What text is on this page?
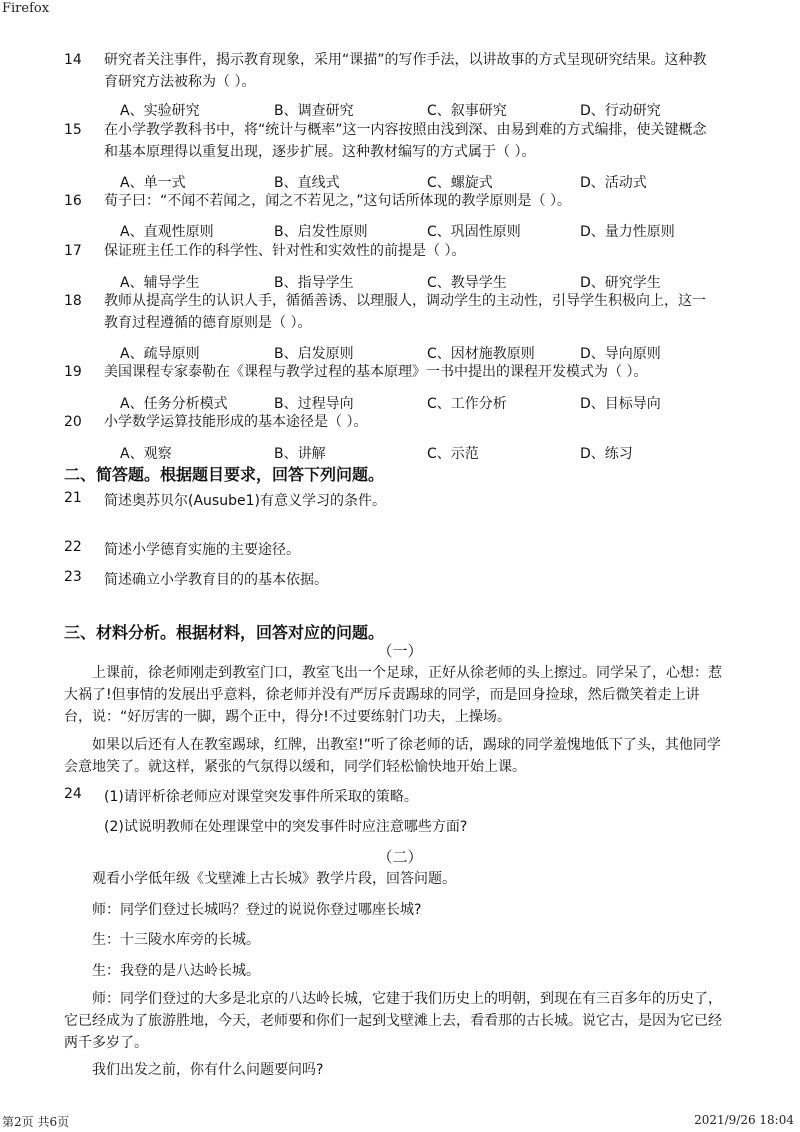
Firefox
14 研究者关注事件，揭示教育现象，采用“课描”的写作手法，以讲故事的方式呈现研究结果。这种教
育研究方法被称为（ ）。
A、实验研究	B、调查研究	C、叙事研究	D、行动研究
15 在小学教学教科书中，将“统计与概率”这一内容按照由浅到深、由易到难的方式编排，使关键概念
和基本原理得以重复出现，逐步扩展。这种教材编写的方式属于（ ）。
A、单一式	B、直线式	C、螺旋式	D、活动式
16 荀子曰：“不闻不若闻之，闻之不若见之，”这句话所体现的教学原则是（ ）。
A、直观性原则	B、启发性原则	C、巩固性原则	D、量力性原则
17 保证班主任工作的科学性、针对性和实效性的前提是（ ）。
A、辅导学生	B、指导学生	C、教导学生	D、研究学生
18 教师从提高学生的认识人手，循循善诱、以理服人，调动学生的主动性，引导学生积极向上，这一
教育过程遵循的德育原则是（ ）。
A、疏导原则	B、启发原则	C、因材施教原则	D、导向原则
19 美国课程专家泰勒在《课程与教学过程的基本原理》一书中提出的课程开发模式为（ ）。
A、任务分析模式	B、过程导向	C、工作分析	D、目标导向
20 小学数学运算技能形成的基本途径是（ ）。
A、观察	B、讲解	C、示范	D、练习
二、简答题。根据题目要求，回答下列问题。
21 简述奥苏贝尔(Ausube1)有意义学习的条件。
22 简述小学德育实施的主要途径。
23 简述确立小学教育目的的基本依据。
三、材料分析。根据材料，回答对应的问题。
（一）
上课前，徐老师刚走到教室门口，教室飞出一个足球，正好从徐老师的头上擦过。同学呆了，心想：惹大祸了!但事情的发展出乎意料，徐老师并没有严厉斥责踢球的同学，而是回身捡球，然后微笑着走上讲台，说：“好厉害的一脚，踢个正中，得分!不过要练射门功夫，上操场。
如果以后还有人在教室踢球，红牌，出教室!”听了徐老师的话，踢球的同学羞愧地低下了头，其他同学会意地笑了。就这样，紧张的气氛得以缓和，同学们轻松愉快地开始上课。
24 (1)请评析徐老师应对课堂突发事件所采取的策略。
(2)试说明教师在处理课堂中的突发事件时应注意哪些方面?
（二）
观看小学低年级《戈壁滩上古长城》教学片段，回答问题。
师：同学们登过长城吗？登过的说说你登过哪座长城?
生：十三陵水库旁的长城。
生：我登的是八达岭长城。
师：同学们登过的大多是北京的八达岭长城，它建于我们历史上的明朝，到现在有三百多年的历史了，它已经成为了旅游胜地，今天，老师要和你们一起到戈壁滩上去，看看那的古长城。说它古，是因为它已经两千多岁了。
我们出发之前，你有什么问题要问吗?
第2页 共6页	2021/9/26 18:04
